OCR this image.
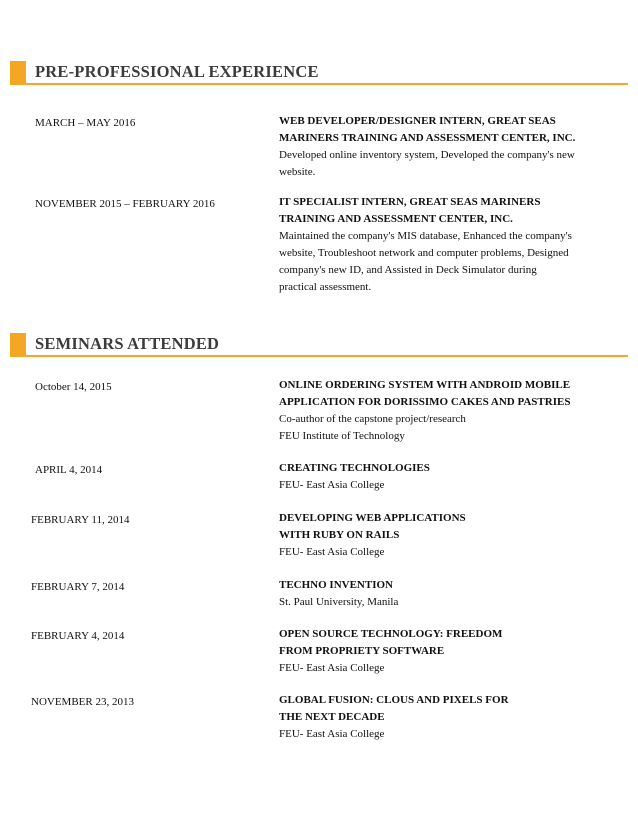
PRE-PROFESSIONAL EXPERIENCE
MARCH – MAY 2016	WEB DEVELOPER/DESIGNER INTERN, GREAT SEAS
MARINERS TRAINING AND ASSESSMENT CENTER, INC.
Developed online inventory system, Developed the company's new
website.
NOVEMBER 2015 – FEBRUARY 2016	IT SPECIALIST INTERN, GREAT SEAS MARINERS
TRAINING AND ASSESSMENT CENTER, INC.
Maintained the company's MIS database, Enhanced the company's
website, Troubleshoot network and computer problems, Designed
company's new ID, and Assisted in Deck Simulator during
practical assessment.
SEMINARS ATTENDED
October 14, 2015	ONLINE ORDERING SYSTEM WITH ANDROID MOBILE
APPLICATION FOR DORISSIMO CAKES AND PASTRIES
Co-author of the capstone project/research
FEU Institute of Technology
APRIL 4, 2014	CREATING TECHNOLOGIES
FEU- East Asia College
FEBRUARY 11, 2014	DEVELOPING WEB APPLICATIONS
WITH RUBY ON RAILS
FEU- East Asia College
FEBRUARY 7, 2014	TECHNO INVENTION
St. Paul University, Manila
FEBRUARY 4, 2014	OPEN SOURCE TECHNOLOGY: FREEDOM
FROM PROPRIETY SOFTWARE
FEU- East Asia College
NOVEMBER 23, 2013	GLOBAL FUSION: CLOUS AND PIXELS FOR
THE NEXT DECADE
FEU- East Asia College
